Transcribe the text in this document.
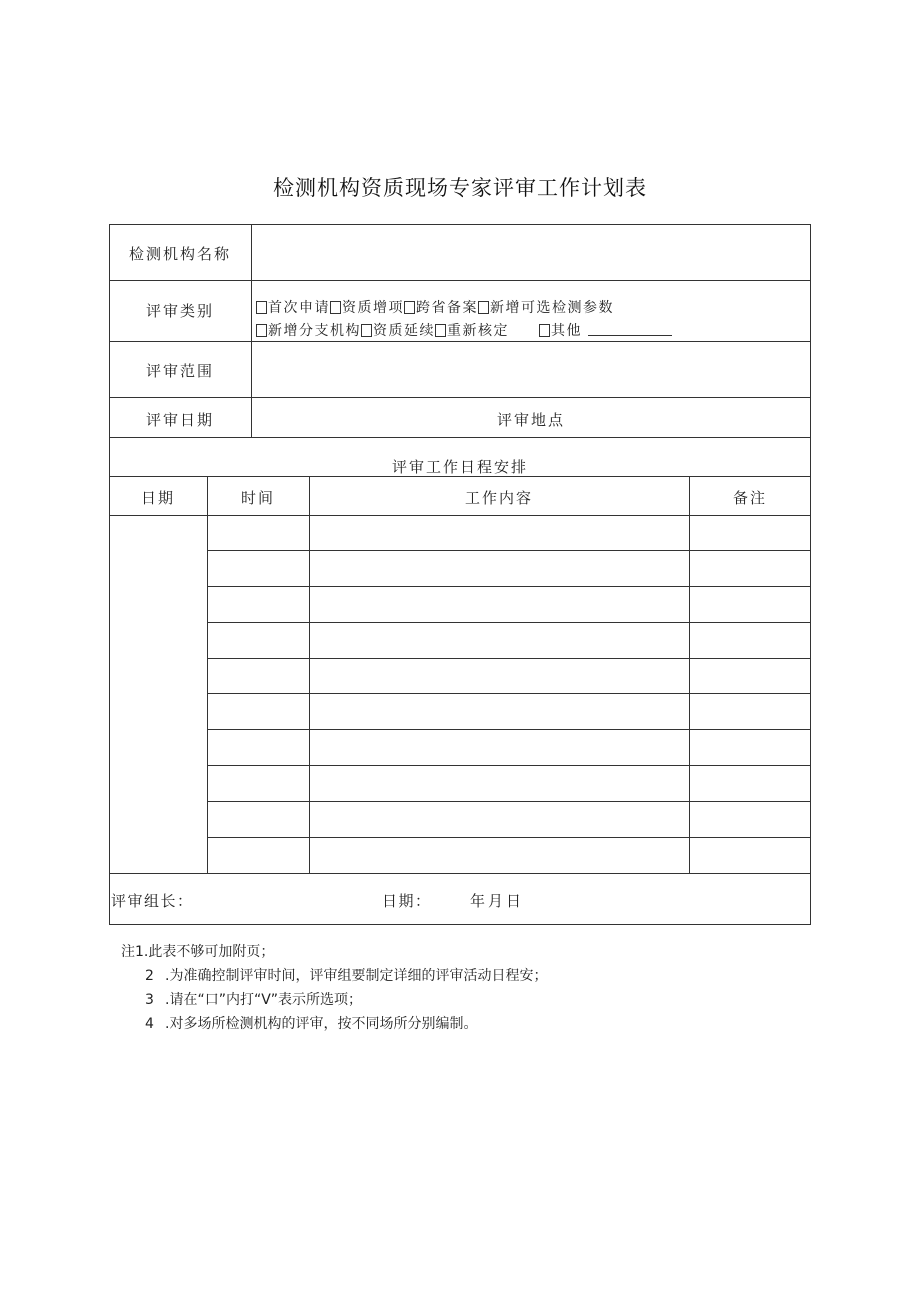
检测机构资质现场专家评审工作计划表
检测机构名称
评审类别	首次申请 资质增项 跨省备案 新增可选检测参数
新增分支机构 资质延续 重新核定	其他
评审范围
评审日期	评审地点
评审工作日程安排
日期	时间	工作内容	备注
评审组长：	日期：	年月日
注1.此表不够可加附页；
2 .为准确控制评审时间，评审组要制定详细的评审活动日程安；
3 .请在“口”内打“V”表示所选项；
4 .对多场所检测机构的评审，按不同场所分别编制。
